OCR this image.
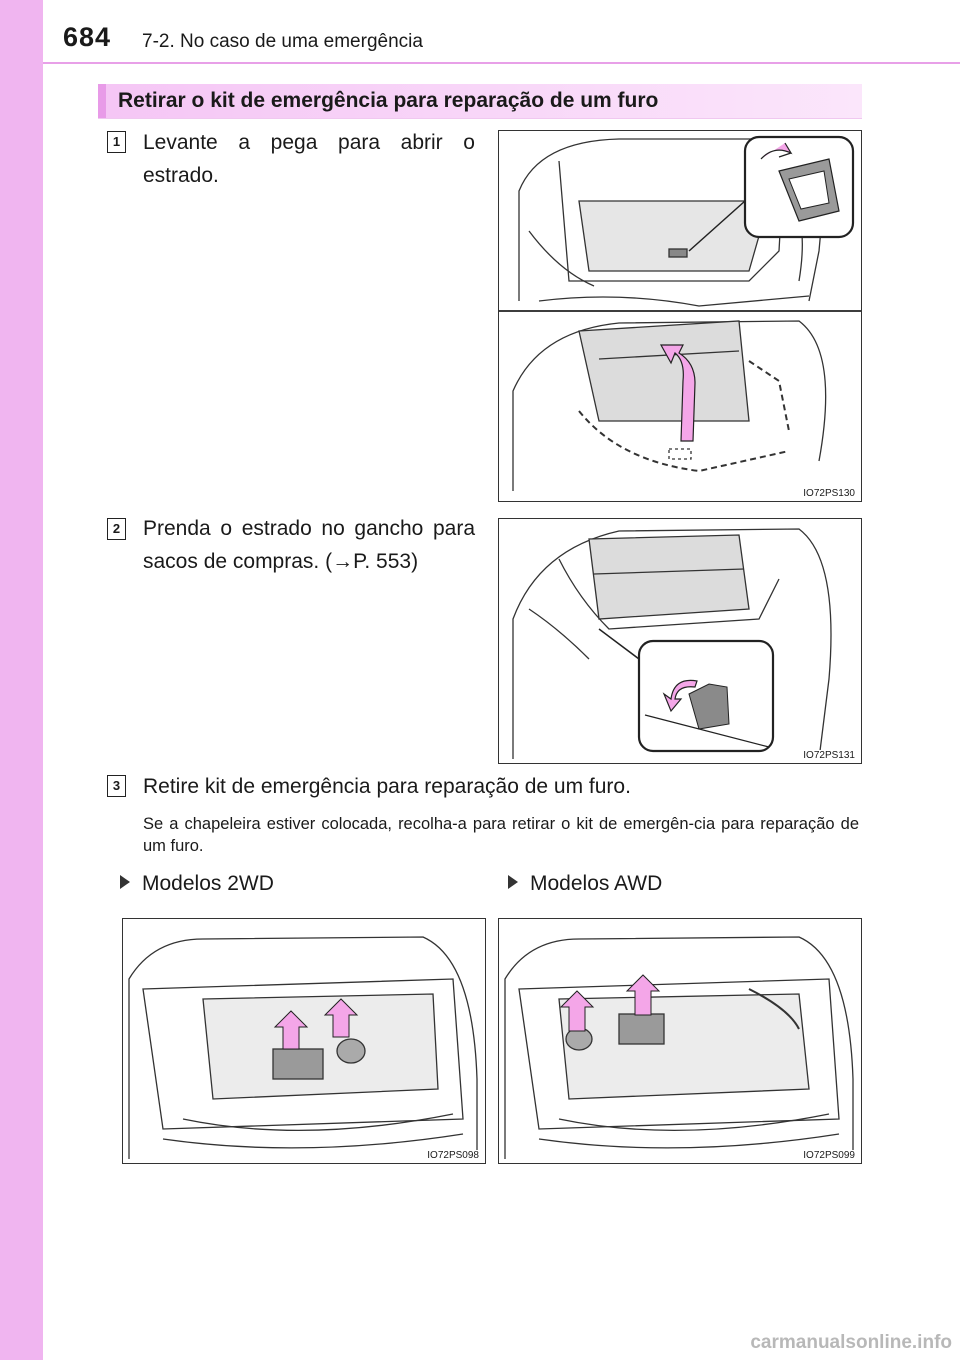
684 7-2. No caso de uma emergência
Retirar o kit de emergência para reparação de um furo
1 Levante a pega para abrir o estrado.
IO72PS130
2 Prenda o estrado no gancho para sacos de compras. (→P. 553)
IO72PS131
3 Retire kit de emergência para reparação de um furo.
Se a chapeleira estiver colocada, recolha-a para retirar o kit de emergên-cia para reparação de um furo.
Modelos 2WD	Modelos AWD
IO72PS098	IO72PS099
carmanualsonline.info
